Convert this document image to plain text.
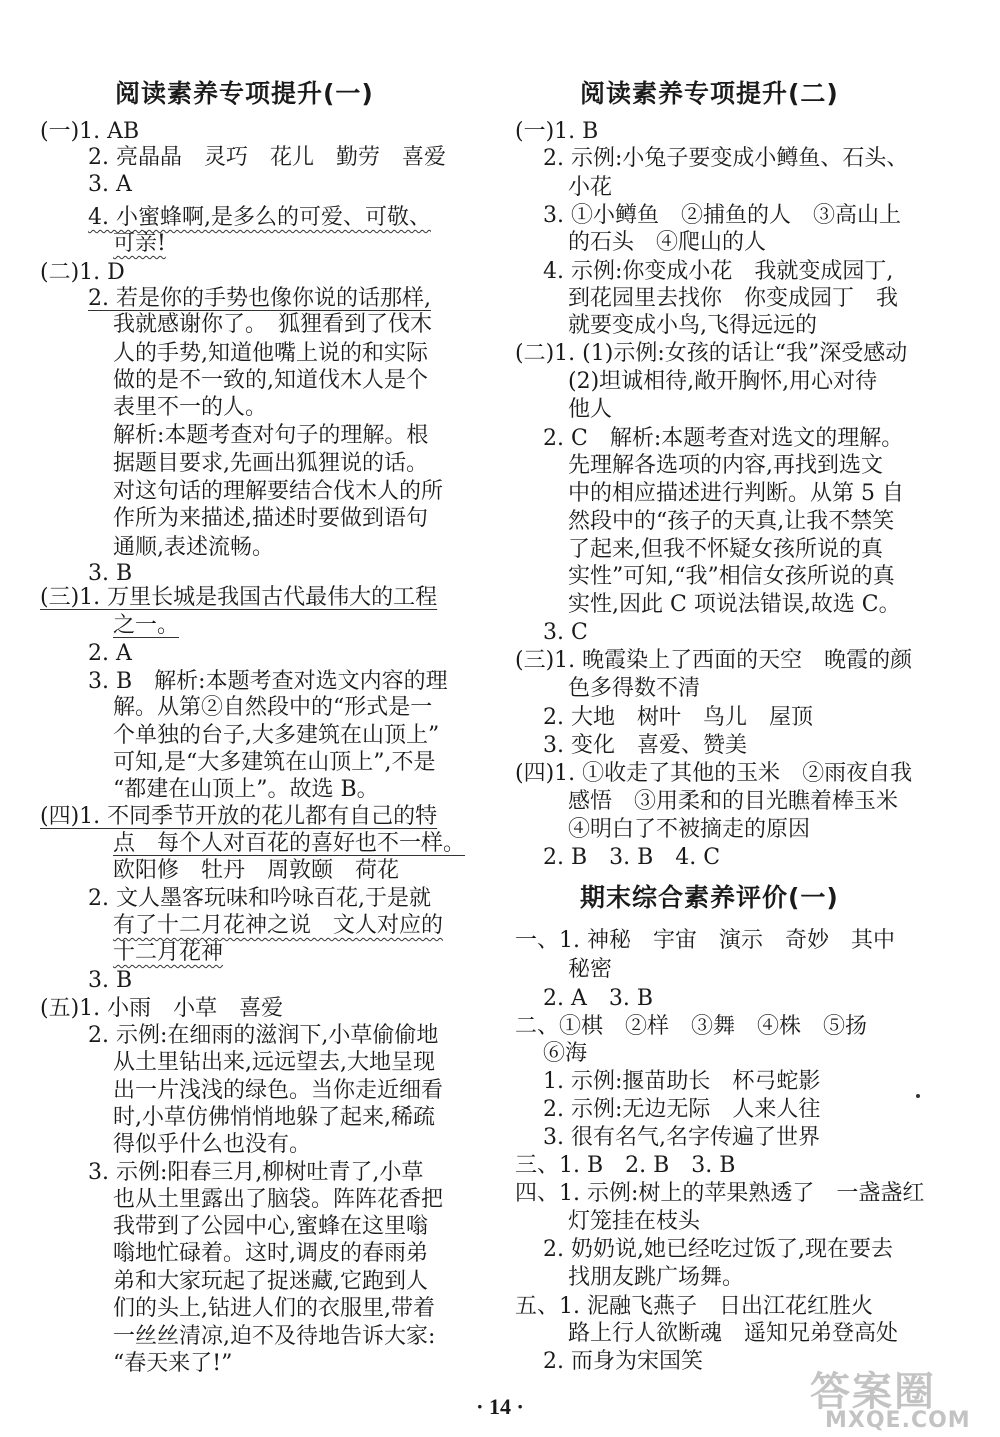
阅读素养专项提升(一)
(一)1. AB
2. 亮晶晶　灵巧　花儿　勤劳　喜爱
3. A
4. 小蜜蜂啊,是多么的可爱、可敬、
可亲!
(二)1. D
2. 若是你的手势也像你说的话那样,
我就感谢你了。　狐狸看到了伐木
人的手势,知道他嘴上说的和实际
做的是不一致的,知道伐木人是个
表里不一的人。
解析:本题考查对句子的理解。根
据题目要求,先画出狐狸说的话。
对这句话的理解要结合伐木人的所
作所为来描述,描述时要做到语句
通顺,表述流畅。
3. B
(三)1. 万里长城是我国古代最伟大的工程
之一。
2. A
3. B　解析:本题考查对选文内容的理
解。从第②自然段中的“形式是一
个单独的台子,大多建筑在山顶上”
可知,是“大多建筑在山顶上”,不是
“都建在山顶上”。故选 B。
(四)1. 不同季节开放的花儿都有自己的特
点　每个人对百花的喜好也不一样。
欧阳修　牡丹　周敦颐　荷花
2. 文人墨客玩味和吟咏百花,于是就
有了十二月花神之说　文人对应的
十二月花神
3. B
(五)1. 小雨　小草　喜爱
2. 示例:在细雨的滋润下,小草偷偷地
从土里钻出来,远远望去,大地呈现
出一片浅浅的绿色。当你走近细看
时,小草仿佛悄悄地躲了起来,稀疏
得似乎什么也没有。
3. 示例:阳春三月,柳树吐青了,小草
也从土里露出了脑袋。阵阵花香把
我带到了公园中心,蜜蜂在这里嗡
嗡地忙碌着。这时,调皮的春雨弟
弟和大家玩起了捉迷藏,它跑到人
们的头上,钻进人们的衣服里,带着
一丝丝清凉,迫不及待地告诉大家:
“春天来了!”
阅读素养专项提升(二)
(一)1. B
2. 示例:小兔子要变成小鳟鱼、石头、
小花
3. ①小鳟鱼　②捕鱼的人　③高山上
的石头　④爬山的人
4. 示例:你变成小花　我就变成园丁,
到花园里去找你　你变成园丁　我
就要变成小鸟,飞得远远的
(二)1. (1)示例:女孩的话让“我”深受感动
(2)坦诚相待,敞开胸怀,用心对待
他人
2. C　解析:本题考查对选文的理解。
先理解各选项的内容,再找到选文
中的相应描述进行判断。从第 5 自
然段中的“孩子的天真,让我不禁笑
了起来,但我不怀疑女孩所说的真
实性”可知,“我”相信女孩所说的真
实性,因此 C 项说法错误,故选 C。
3. C
(三)1. 晚霞染上了西面的天空　晚霞的颜
色多得数不清
2. 大地　树叶　鸟儿　屋顶
3. 变化　喜爱、赞美
(四)1. ①收走了其他的玉米　②雨夜自我
感悟　③用柔和的目光瞧着棒玉米
④明白了不被摘走的原因
2. B　3. B　4. C
期末综合素养评价(一)
一、1. 神秘　宇宙　演示　奇妙　其中
秘密
2. A　3. B
二、①棋　②样　③舞　④株　⑤扬
⑥海
1. 示例:揠苗助长　杯弓蛇影
2. 示例:无边无际　人来人往
3. 很有名气,名字传遍了世界
三、1. B　2. B　3. B
四、1. 示例:树上的苹果熟透了　一盏盏红
灯笼挂在枝头
2. 奶奶说,她已经吃过饭了,现在要去
找朋友跳广场舞。
五、1. 泥融飞燕子　日出江花红胜火
路上行人欲断魂　遥知兄弟登高处
2. 而身为宋国笑
· 14 ·	答案圈
MXQE.COM
